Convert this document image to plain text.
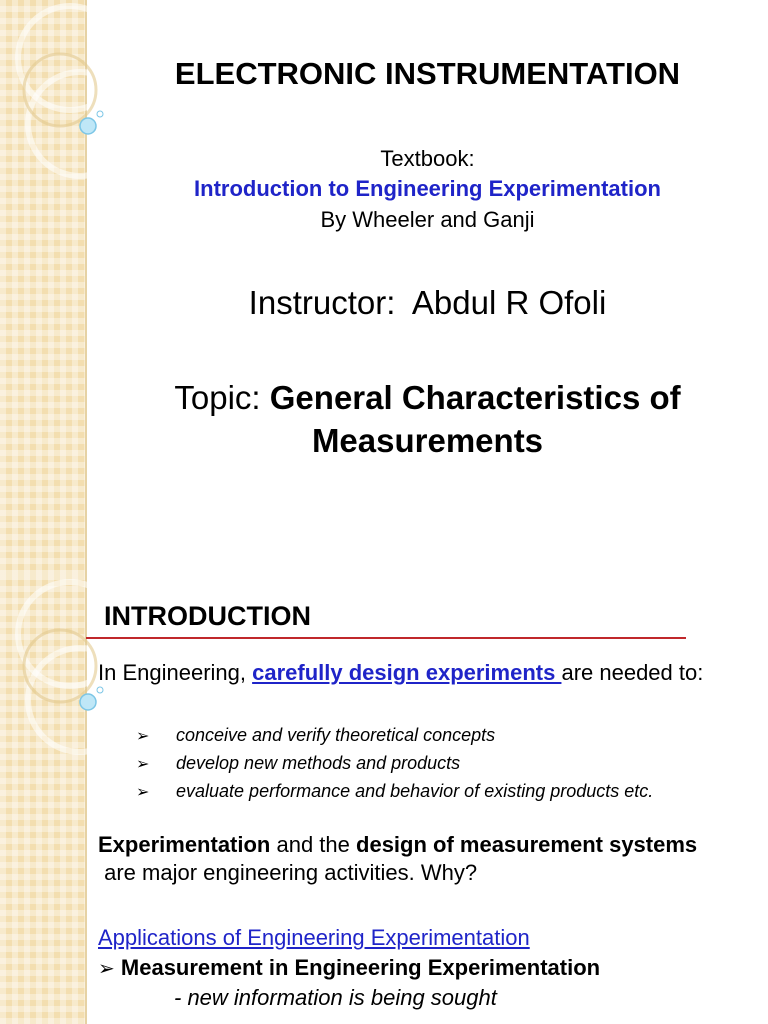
ELECTRONIC INSTRUMENTATION
Textbook:
Introduction to Engineering Experimentation
By Wheeler and Ganji
Instructor:  Abdul R Ofoli
Topic: General Characteristics of
Measurements
INTRODUCTION
In Engineering, carefully design experiments are needed to:
➢ conceive and verify theoretical concepts
➢ develop new methods and products
➢ evaluate performance and behavior of existing products etc.
Experimentation and the design of measurement systems are major engineering activities. Why?
Applications of Engineering Experimentation
➢ Measurement in Engineering Experimentation
- new information is being sought
